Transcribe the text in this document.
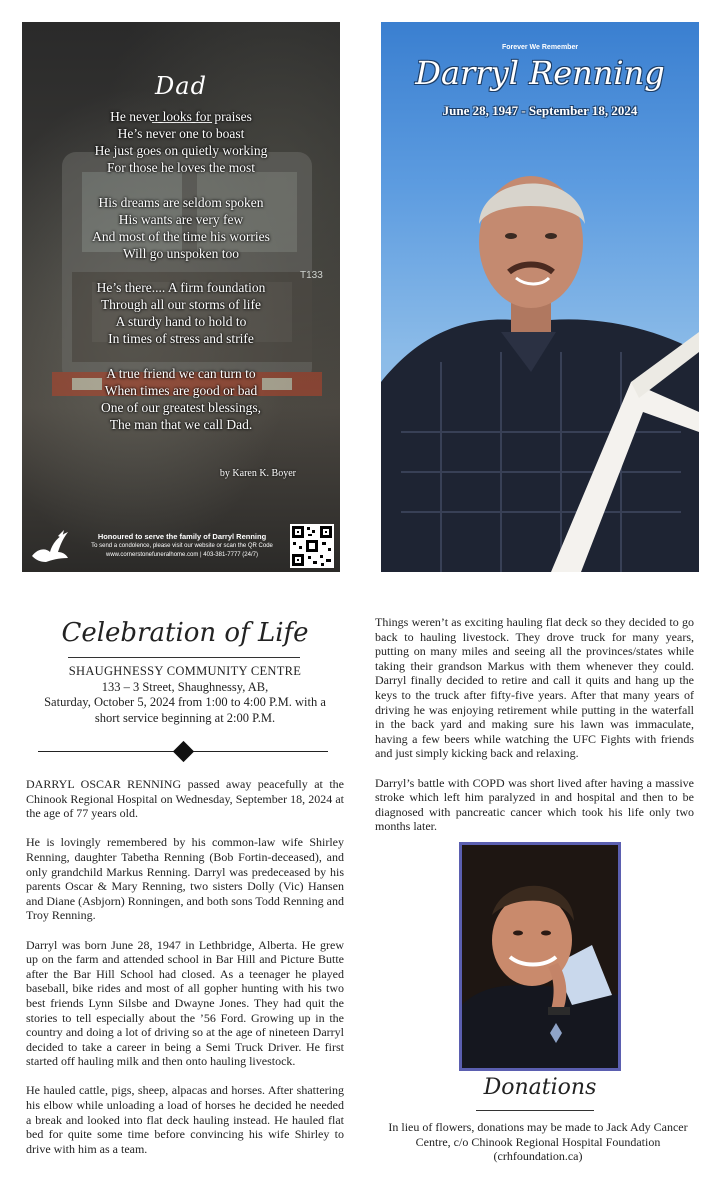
T133
Dad
He never looks for praises
He’s never one to boast
He just goes on quietly working
For those he loves the most
His dreams are seldom spoken
His wants are very few
And most of the time his worries
Will go unspoken too
He’s there.... A firm foundation
Through all our storms of life
A sturdy hand to hold to
In times of stress and strife
A true friend we can turn to
When times are good or bad
One of our greatest blessings,
The man that we call Dad.
by Karen K. Boyer
Honoured to serve the family of Darryl Renning
To send a condolence, please visit our website or scan the QR Code
www.cornerstonefuneralhome.com | 403-381-7777 (24/7)
Forever We Remember
Darryl Renning
June 28, 1947 - September 18, 2024
Celebration of Life
SHAUGHNESSY COMMUNITY CENTRE
133 – 3 Street, Shaughnessy, AB,
Saturday, October 5, 2024 from 1:00 to 4:00 P.M. with a
short service beginning at 2:00 P.M.

DARRYL OSCAR RENNING passed away peacefully at the Chinook Regional Hospital on Wednesday, September 18, 2024 at the age of 77 years old.

He is lovingly remembered by his common-law wife Shirley Renning, daughter Tabetha Renning (Bob Fortin-deceased), and only grandchild Markus Renning. Darryl was predeceased by his parents Oscar & Mary Renning, two sisters Dolly (Vic) Hansen and Diane (Asbjorn) Ronningen, and both sons Todd Renning and Troy Renning.

Darryl was born June 28, 1947 in Lethbridge, Alberta. He grew up on the farm and attended school in Bar Hill and Picture Butte after the Bar Hill School had closed. As a teenager he played baseball, bike rides and most of all gopher hunting with his two best friends Lynn Silsbe and Dwayne Jones. They had quit the stories to tell especially about the ’56 Ford. Growing up in the country and doing a lot of driving so at the age of nineteen Darryl decided to take a career in being a Semi Truck Driver. He first started off hauling milk and then onto hauling livestock.

He hauled cattle, pigs, sheep, alpacas and horses. After shattering his elbow while unloading a load of horses he decided he needed a break and looked into flat deck hauling instead. He hauled flat bed for quite some time before convincing his wife Shirley to drive with him as a team.

Things weren’t as exciting hauling flat deck so they decided to go back to hauling livestock. They drove truck for many years, putting on many miles and seeing all the provinces/states while taking their grandson Markus with them whenever they could. Darryl finally decided to retire and call it quits and hang up the keys to the truck after fifty-five years. After that many years of driving he was enjoying retirement while putting in the waterfall in the back yard and making sure his lawn was immaculate, having a few beers while watching the UFC Fights with friends and just simply kicking back and relaxing.

Darryl’s battle with COPD was short lived after having a massive stroke which left him paralyzed in and hospital and then to be diagnosed with pancreatic cancer which took his life only two months later.

Donations
In lieu of flowers, donations may be made to Jack Ady Cancer Centre, c/o Chinook Regional Hospital Foundation (crhfoundation.ca)
